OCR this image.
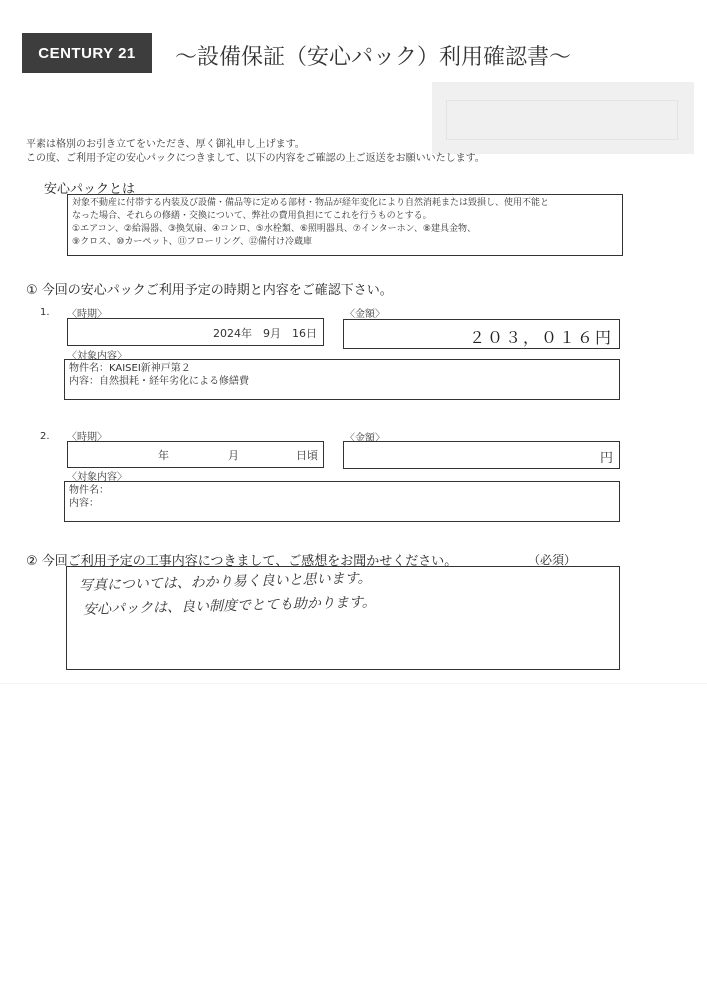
CENTURY 21	～設備保証（安心パック）利用確認書～
平素は格別のお引き立てをいただき、厚く御礼申し上げます。
この度、ご利用予定の安心パックにつきまして、以下の内容をご確認の上ご返送をお願いいたします。
安心パックとは
対象不動産に付帯する内装及び設備・備品等に定める部材・物品が経年変化により自然消耗または毀損し、使用不能と
なった場合、それらの修繕・交換について、弊社の費用負担にてこれを行うものとする。
①エアコン、②給湯器、③換気扇、④コンロ、⑤水栓類、⑥照明器具、⑦インターホン、⑧建具金物、
⑨クロス、⑩カーペット、⑪フローリング、⑫備付け冷蔵庫
① 今回の安心パックご利用予定の時期と内容をご確認下さい。
1. 〈時期〉
2024年　9月　16日
〈金額〉
２０３，０１６円
〈対象内容〉
物件名：KAISEI新神戸第２
内容：自然損耗・経年劣化による修繕費
2. 〈時期〉
年	月	日頃
〈金額〉
円
〈対象内容〉
物件名：
内容：
② 今回ご利用予定の工事内容につきまして、ご感想をお聞かせください。	（必須）
写真については、わかり易く良いと思います。
安心パックは、良い制度でとても助かります。
